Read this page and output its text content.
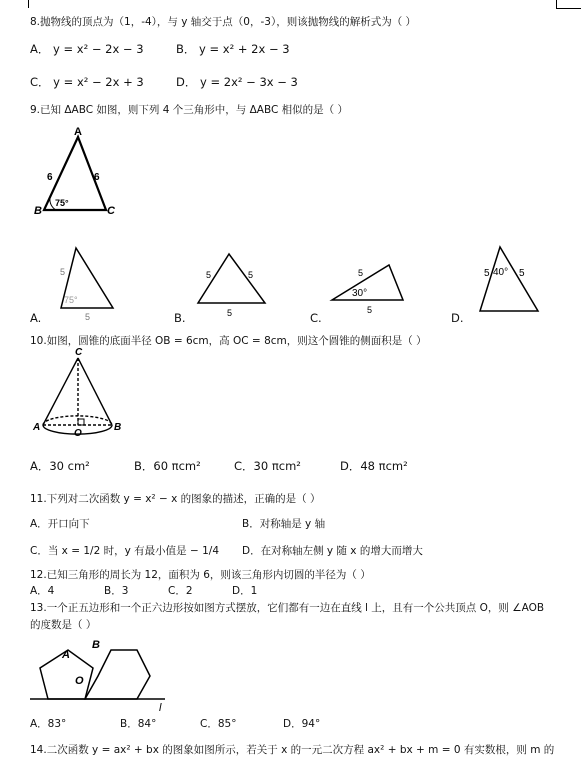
8.抛物线的顶点为（1，-4），与 y 轴交于点（0，-3），则该抛物线的解析式为（ ）
A． y = x² − 2x − 3	B． y = x² + 2x − 3
C． y = x² − 2x + 3	D． y = 2x² − 3x − 3
9.已知 ΔABC 如图，则下列 4 个三角形中，与 ΔABC 相似的是（ ）
A
B	C
6	6
75°
5
5
75°
5	5
5
5
30°
5
5 40° 5
C
A
O
B
A
B
O
l
A.	B.	C.	D.
10.如图，圆锥的底面半径 OB = 6cm，高 OC = 8cm，则这个圆锥的侧面积是（ ）
A．30 cm²	B．60 πcm²	C．30 πcm²	D．48 πcm²
11.下列对二次函数 y = x² − x 的图象的描述，正确的是（ ）
A．开口向下	B．对称轴是 y 轴
C．当 x = 1/2 时，y 有最小值是 − 1/4 D．在对称轴左侧 y 随 x 的增大而增大
12.已知三角形的周长为 12，面积为 6，则该三角形内切圆的半径为（ ）
A．4	B．3	C．2	D．1
13.一个正五边形和一个正六边形按如图方式摆放，它们都有一边在直线 l 上，且有一个公共顶点 O，则 ∠AOB
的度数是（ ）
A．83°	B．84°	C．85°	D．94°
14.二次函数 y = ax² + bx 的图象如图所示，若关于 x 的一元二次方程 ax² + bx + m = 0 有实数根，则 m 的
